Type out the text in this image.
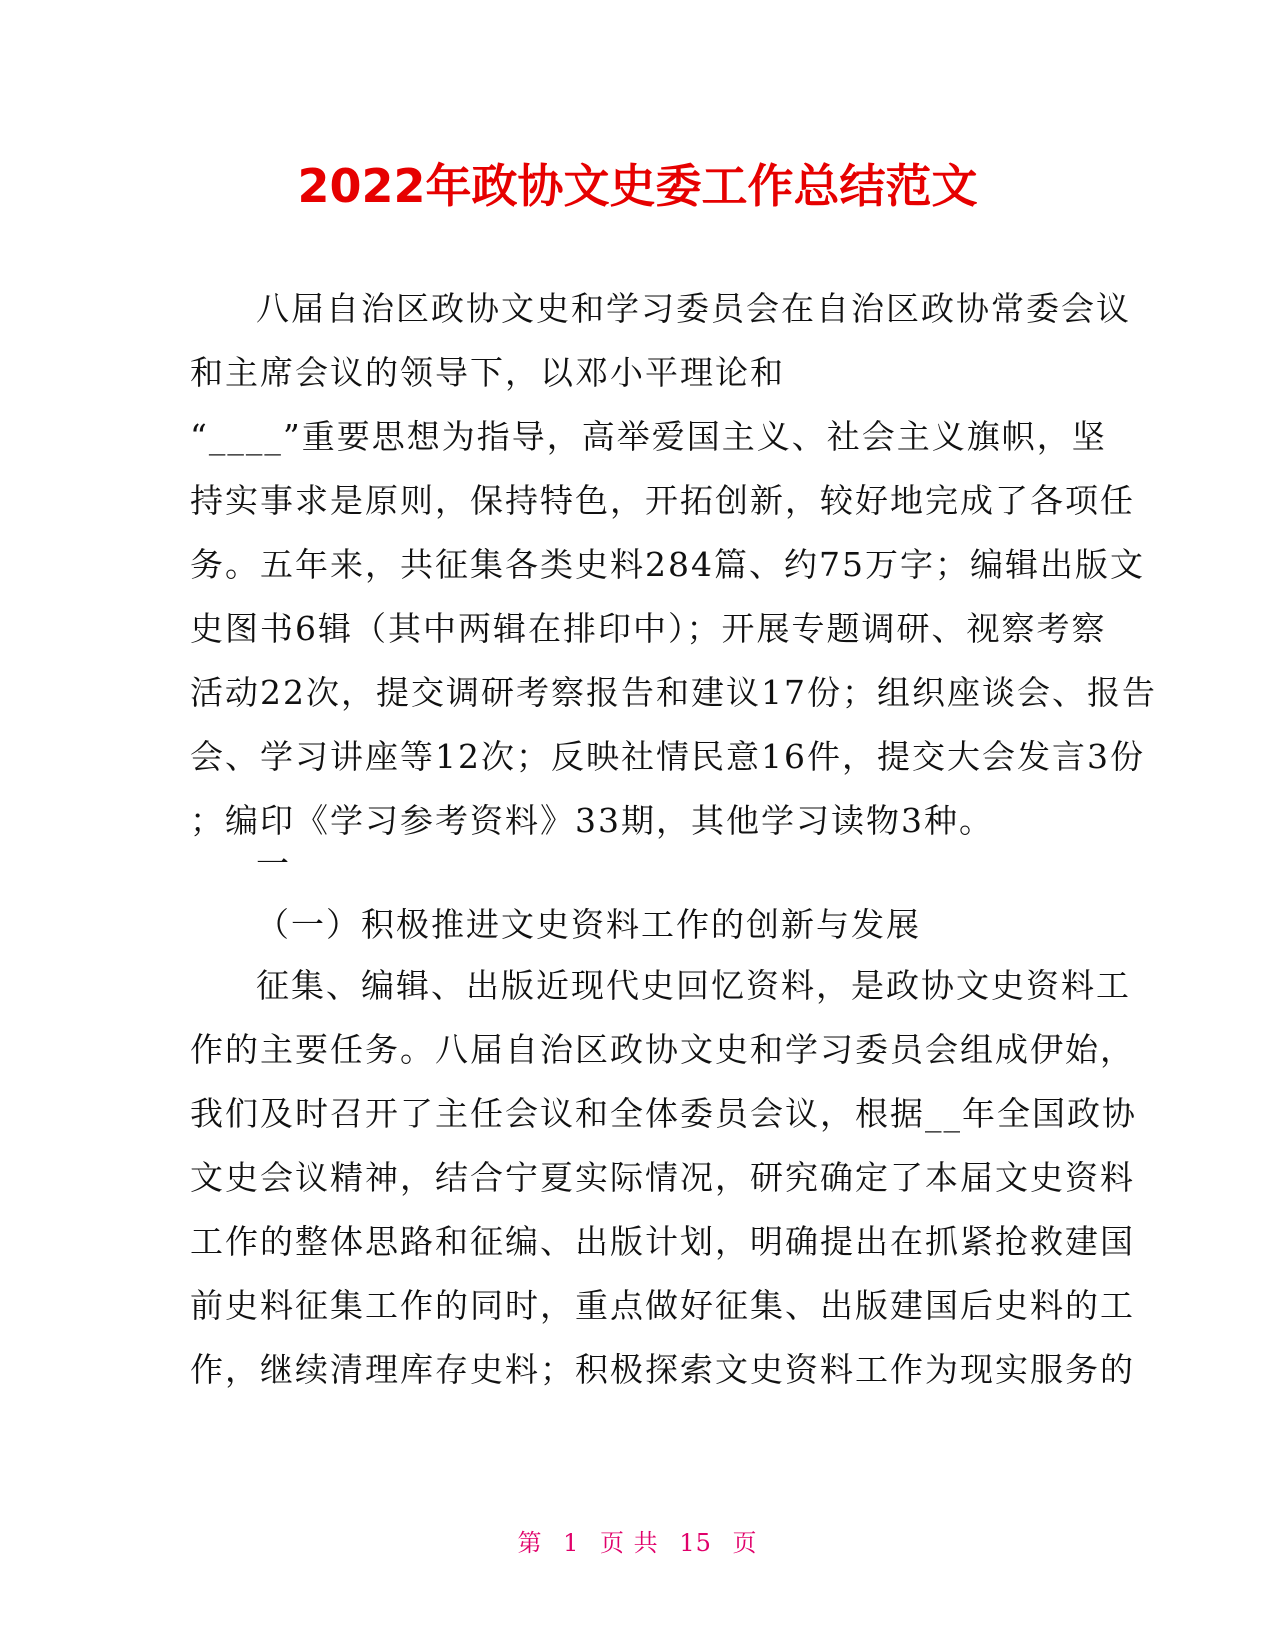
2022年政协文史委工作总结范文
八届自治区政协文史和学习委员会在自治区政协常委会议
和主席会议的领导下，以邓小平理论和
“____”重要思想为指导，高举爱国主义、社会主义旗帜，坚
持实事求是原则，保持特色，开拓创新，较好地完成了各项任
务。五年来，共征集各类史料284篇、约75万字；编辑出版文
史图书6辑（其中两辑在排印中）；开展专题调研、视察考察
活动22次，提交调研考察报告和建议17份；组织座谈会、报告
会、学习讲座等12次；反映社情民意16件，提交大会发言3份
；编印《学习参考资料》33期，其他学习读物3种。
一
（一）积极推进文史资料工作的创新与发展
征集、编辑、出版近现代史回忆资料，是政协文史资料工
作的主要任务。八届自治区政协文史和学习委员会组成伊始，
我们及时召开了主任会议和全体委员会议，根据__年全国政协
文史会议精神，结合宁夏实际情况，研究确定了本届文史资料
工作的整体思路和征编、出版计划，明确提出在抓紧抢救建国
前史料征集工作的同时，重点做好征集、出版建国后史料的工
作，继续清理库存史料；积极探索文史资料工作为现实服务的
第 1 页 共 15 页
